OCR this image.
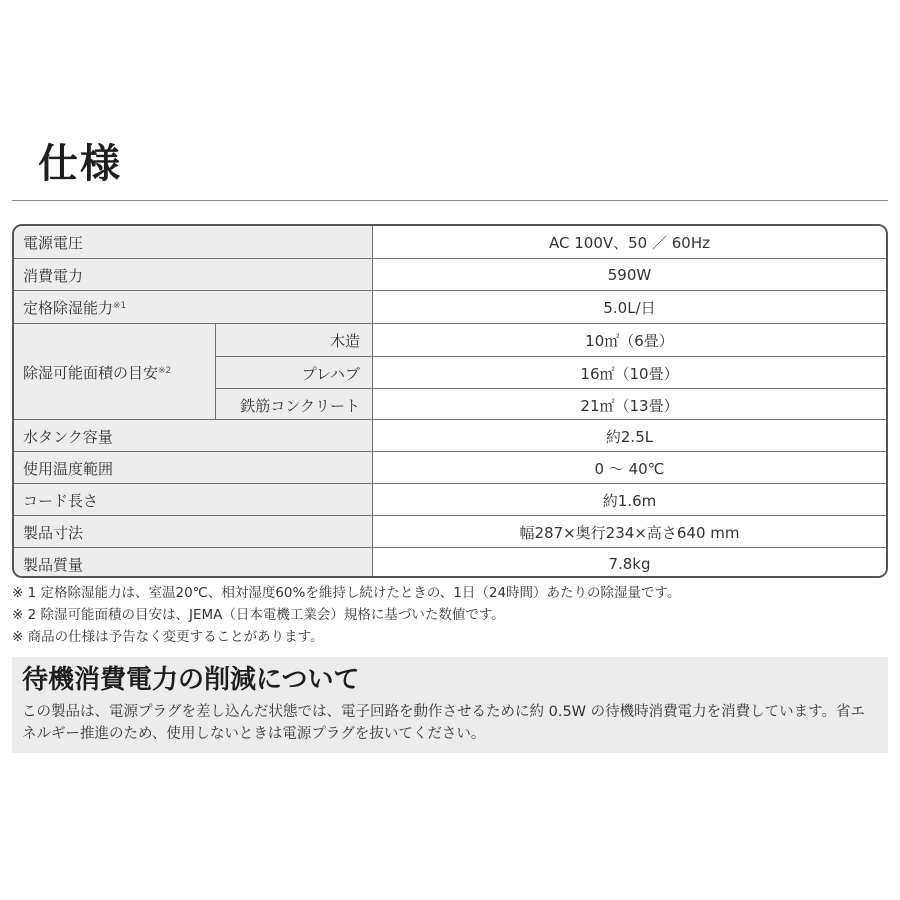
仕様
電源電圧	AC 100V、50 ／ 60Hz
消費電力	590W
定格除湿能力$^{※1}$	5.0L/日
除湿可能面積の目安$^{※2}$
木造	10㎡（6畳）
プレハブ	16㎡（10畳）
鉄筋コンクリート	21㎡（13畳）
水タンク容量	約2.5L
使用温度範囲	0 ～ 40℃
コード長さ	約1.6m
製品寸法	幅287×奥行234×高さ640 mm
製品質量	7.8kg
※ 1 定格除湿能力は、室温20℃、相対湿度60%を維持し続けたときの、1日（24時間）あたりの除湿量です。
※ 2 除湿可能面積の目安は、JEMA（日本電機工業会）規格に基づいた数値です。
※ 商品の仕様は予告なく変更することがあります。
待機消費電力の削減について
この製品は、電源プラグを差し込んだ状態では、電子回路を動作させるために約 0.5W の待機時消費電力を消費しています。省エネルギー推進のため、使用しないときは電源プラグを抜いてください。
